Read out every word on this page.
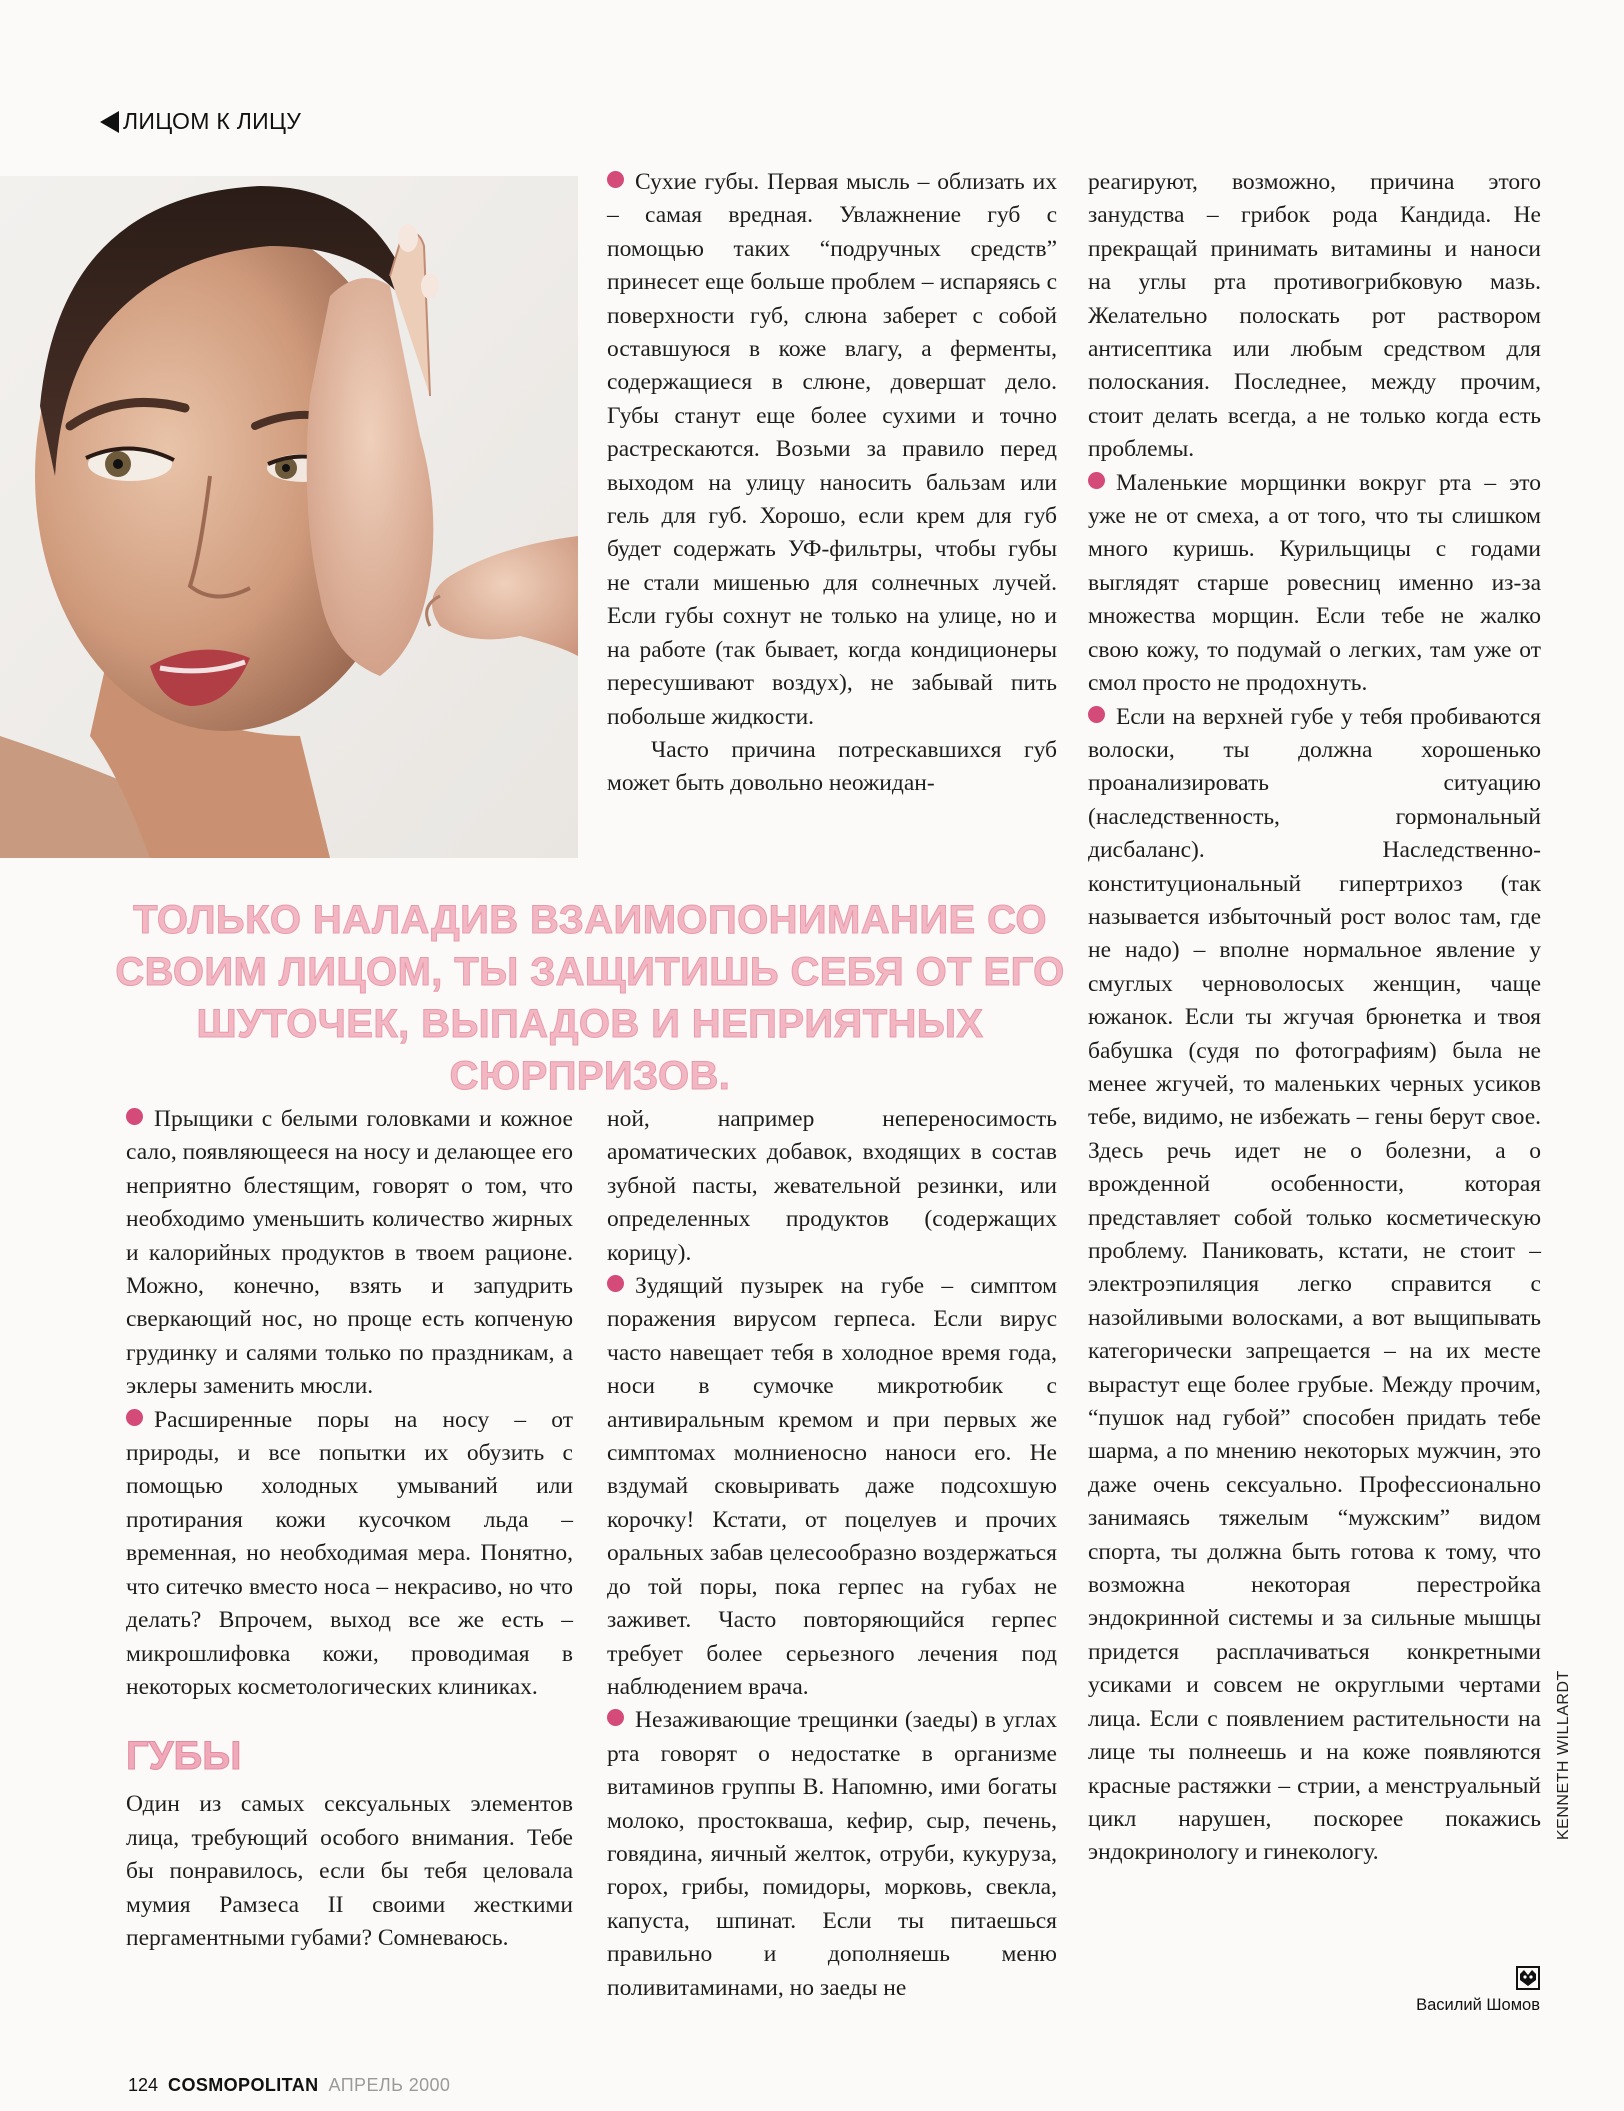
ЛИЦОМ К ЛИЦУ

Сухие губы. Первая мысль – облизать их – самая вредная. Увлажнение губ с помощью таких “подручных средств” принесет еще больше проблем – испаряясь с поверхности губ, слюна заберет с собой оставшуюся в коже влагу, а ферменты, содержащиеся в слюне, довершат дело. Губы станут еще более сухими и точно растрескаются. Возьми за правило перед выходом на улицу наносить бальзам или гель для губ. Хорошо, если крем для губ будет содержать УФ-фильтры, чтобы губы не стали мишенью для солнечных лучей. Если губы сохнут не только на улице, но и на работе (так бывает, когда кондиционеры пересушивают воздух), не забывай пить побольше жидкости.

Часто причина потрескавшихся губ может быть довольно неожидан-

реагируют, возможно, причина этого занудства – грибок рода Кандида. Не прекращай принимать витамины и наноси на углы рта противогрибковую мазь. Желательно полоскать рот раствором антисептика или любым средством для полоскания. Последнее, между прочим, стоит делать всегда, а не только когда есть проблемы.

Маленькие морщинки вокруг рта – это уже не от смеха, а от того, что ты слишком много куришь. Курильщицы с годами выглядят старше ровесниц именно из-за множества морщин. Если тебе не жалко свою кожу, то подумай о легких, там уже от смол просто не продохнуть.

Если на верхней губе у тебя пробиваются волоски, ты должна хорошенько проанализировать ситуацию (наследственность, гормональный дисбаланс). Наследственно-конституциональный гипертрихоз (так называется избыточный рост волос там, где не надо) – вполне нормальное явление у смуглых черноволосых женщин, чаще южанок. Если ты жгучая брюнетка и твоя бабушка (судя по фотографиям) была не менее жгучей, то маленьких черных усиков тебе, видимо, не избежать – гены берут свое. Здесь речь идет не о болезни, а о врожденной особенности, которая представляет собой только косметическую проблему. Паниковать, кстати, не стоит – электроэпиляция легко справится с назойливыми волосками, а вот выщипывать категорически запрещается – на их месте вырастут еще более грубые. Между прочим, “пушок над губой” способен придать тебе шарма, а по мнению некоторых мужчин, это даже очень сексуально. Профессионально занимаясь тяжелым “мужским” видом спорта, ты должна быть готова к тому, что возможна некоторая перестройка эндокринной системы и за сильные мышцы придется расплачиваться конкретными усиками и совсем не округлыми чертами лица. Если с появлением растительности на лице ты полнеешь и на коже появляются красные растяжки – стрии, а менструальный цикл нарушен, поскорее покажись эндокринологу и гинекологу.

ТОЛЬКО НАЛАДИВ ВЗАИМОПОНИМАНИЕ СО СВОИМ ЛИЦОМ, ТЫ ЗАЩИТИШЬ СЕБЯ ОТ ЕГО ШУТОЧЕК, ВЫПАДОВ И НЕПРИЯТНЫХ СЮРПРИЗОВ.

Прыщики с белыми головками и кожное сало, появляющееся на носу и делающее его неприятно блестящим, говорят о том, что необходимо уменьшить количество жирных и калорийных продуктов в твоем рационе. Можно, конечно, взять и запудрить сверкающий нос, но проще есть копченую грудинку и салями только по праздникам, а эклеры заменить мюсли.

Расширенные поры на носу – от природы, и все попытки их обузить с помощью холодных умываний или протирания кожи кусочком льда – временная, но необходимая мера. Понятно, что ситечко вместо носа – некрасиво, но что делать? Впрочем, выход все же есть – микрошлифовка кожи, проводимая в некоторых косметологических клиниках.

ГУБЫ

Один из самых сексуальных элементов лица, требующий особого внимания. Тебе бы понравилось, если бы тебя целовала мумия Рамзеса II своими жесткими пергаментными губами? Сомневаюсь.

ной, например непереносимость ароматических добавок, входящих в состав зубной пасты, жевательной резинки, или определенных продуктов (содержащих корицу).

Зудящий пузырек на губе – симптом поражения вирусом герпеса. Если вирус часто навещает тебя в холодное время года, носи в сумочке микротюбик с антивиральным кремом и при первых же симптомах молниеносно наноси его. Не вздумай сковыривать даже подсохшую корочку! Кстати, от поцелуев и прочих оральных забав целесообразно воздержаться до той поры, пока герпес на губах не заживет. Часто повторяющийся герпес требует более серьезного лечения под наблюдением врача.

Незаживающие трещинки (заеды) в углах рта говорят о недостатке в организме витаминов группы В. Напомню, ими богаты молоко, простокваша, кефир, сыр, печень, говядина, яичный желток, отруби, кукуруза, горох, грибы, помидоры, морковь, свекла, капуста, шпинат. Если ты питаешься правильно и дополняешь меню поливитаминами, но заеды не

KENNETH WILLARDT
Василий Шомов
124 COSMOPOLITAN АПРЕЛЬ 2000
